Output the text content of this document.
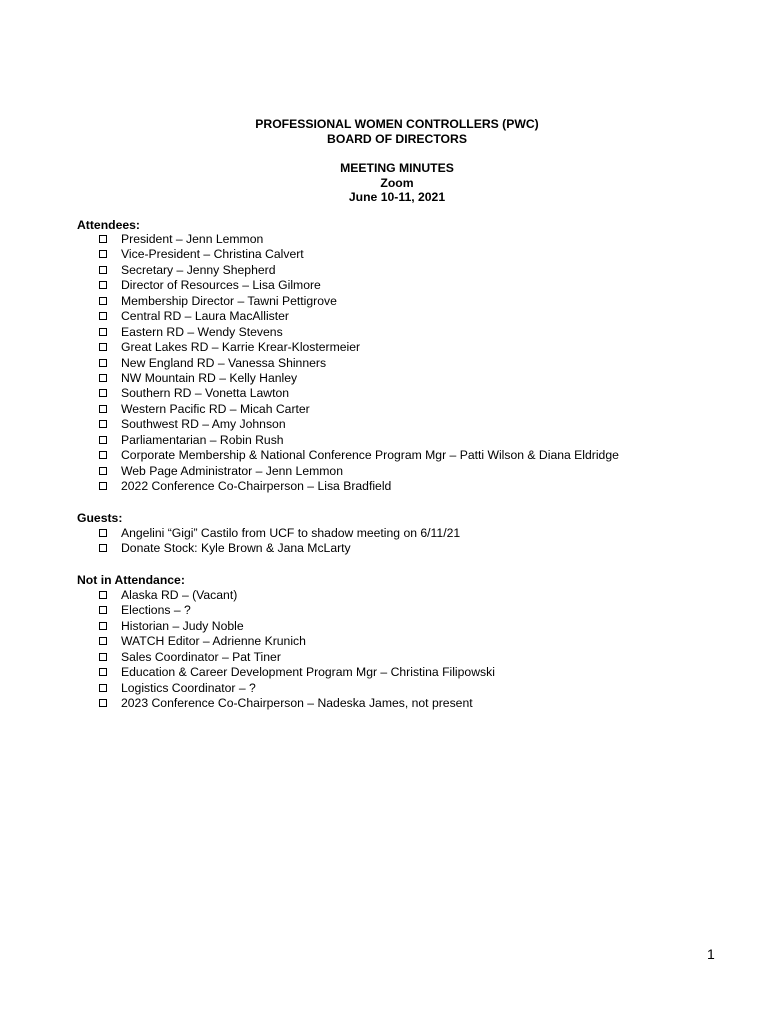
PROFESSIONAL WOMEN CONTROLLERS (PWC)
BOARD OF DIRECTORS
MEETING MINUTES
Zoom
June 10-11, 2021
Attendees:
President – Jenn Lemmon
Vice-President – Christina Calvert
Secretary – Jenny Shepherd
Director of Resources – Lisa Gilmore
Membership Director – Tawni Pettigrove
Central RD – Laura MacAllister
Eastern RD – Wendy Stevens
Great Lakes RD – Karrie Krear-Klostermeier
New England RD – Vanessa Shinners
NW Mountain RD – Kelly Hanley
Southern RD – Vonetta Lawton
Western Pacific RD – Micah Carter
Southwest RD – Amy Johnson
Parliamentarian – Robin Rush
Corporate Membership & National Conference Program Mgr – Patti Wilson & Diana Eldridge
Web Page Administrator – Jenn Lemmon
2022 Conference Co-Chairperson – Lisa Bradfield
Guests:
Angelini “Gigi” Castilo from UCF to shadow meeting on 6/11/21
Donate Stock: Kyle Brown & Jana McLarty
Not in Attendance:
Alaska RD – (Vacant)
Elections – ?
Historian – Judy Noble
WATCH Editor – Adrienne Krunich
Sales Coordinator – Pat Tiner
Education & Career Development Program Mgr – Christina Filipowski
Logistics Coordinator – ?
2023 Conference Co-Chairperson – Nadeska James, not present
1
